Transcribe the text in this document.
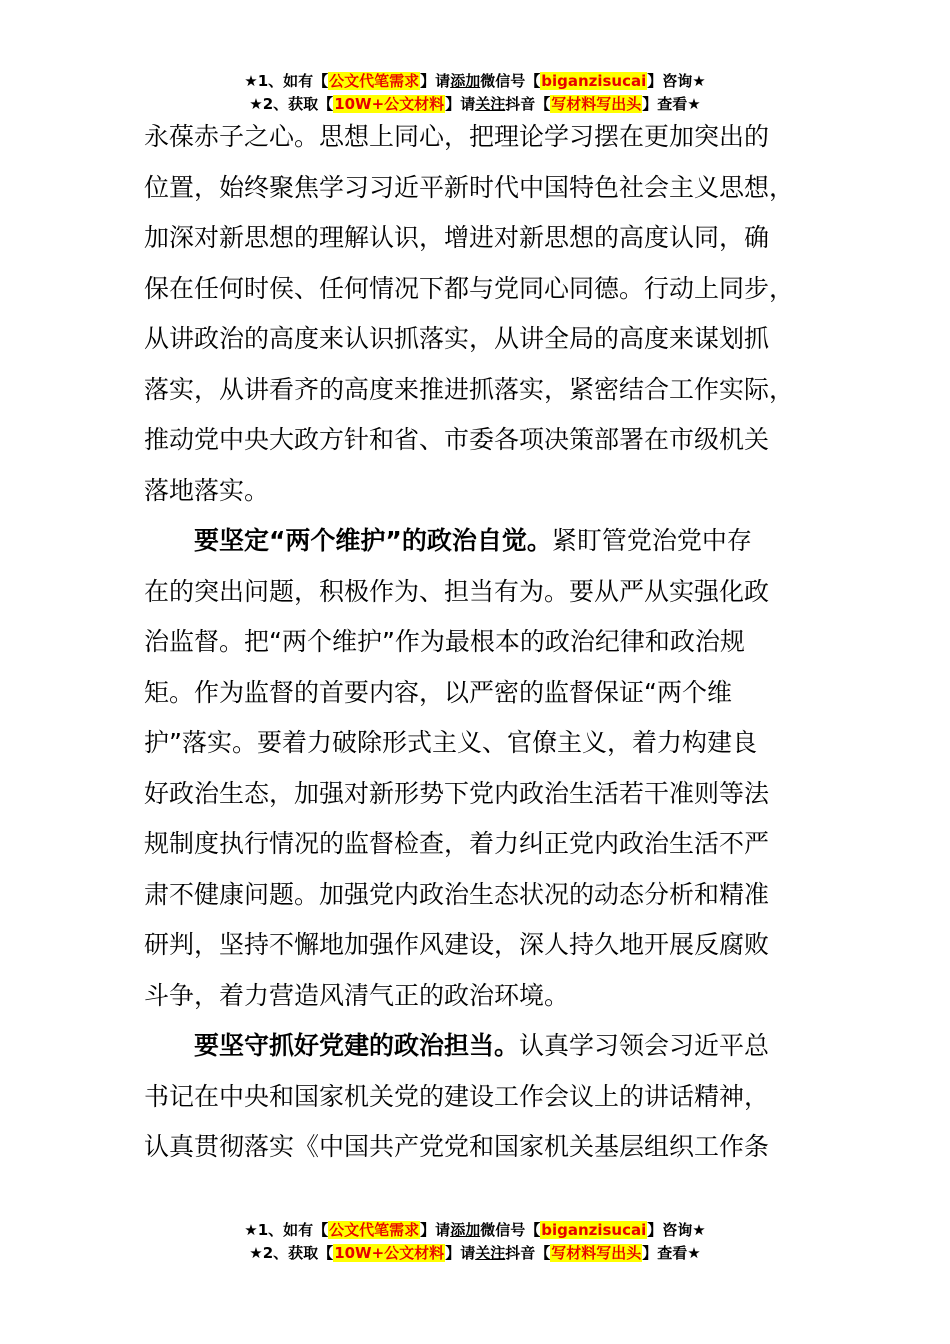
★1、如有【公文代笔需求】请添加微信号【biganzisucai】咨询★
★2、获取【10W+公文材料】请关注抖音【写材料写出头】查看★
永葆赤子之心。思想上同心，把理论学习摆在更加突出的
位置，始终聚焦学习习近平新时代中国特色社会主义思想，
加深对新思想的理解认识，增进对新思想的高度认同，确
保在任何时侯、任何情况下都与党同心同德。行动上同步，
从讲政治的高度来认识抓落实，从讲全局的高度来谋划抓
落实，从讲看齐的高度来推进抓落实，紧密结合工作实际，
推动党中央大政方针和省、市委各项决策部署在市级机关
落地落实。
要坚定“两个维护”的政治自觉。紧盯管党治党中存
在的突出问题，积极作为、担当有为。要从严从实强化政
治监督。把“两个维护”作为最根本的政治纪律和政治规
矩。作为监督的首要内容，以严密的监督保证“两个维
护”落实。要着力破除形式主义、官僚主义，着力构建良
好政治生态，加强对新形势下党内政治生活若干准则等法
规制度执行情况的监督检查，着力纠正党内政治生活不严
肃不健康问题。加强党内政治生态状况的动态分析和精准
研判，坚持不懈地加强作风建设，深人持久地开展反腐败
斗争，着力营造风清气正的政治环境。
要坚守抓好党建的政治担当。认真学习领会习近平总
书记在中央和国家机关党的建设工作会议上的讲话精神，
认真贯彻落实《中国共产党党和国家机关基层组织工作条
★1、如有【公文代笔需求】请添加微信号【biganzisucai】咨询★
★2、获取【10W+公文材料】请关注抖音【写材料写出头】查看★
